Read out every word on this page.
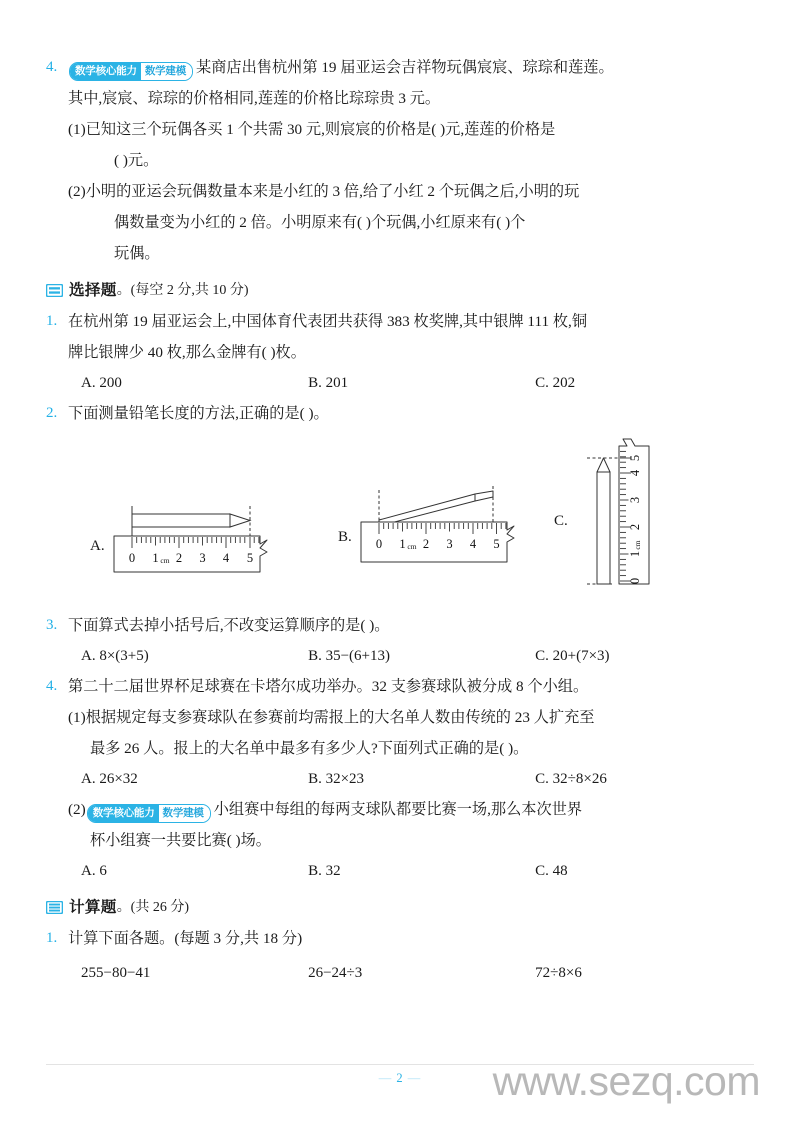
4.	数学核心能力 数学建模 某商店出售杭州第 19 届亚运会吉祥物玩偶宸宸、琮琮和莲莲。
其中,宸宸、琮琮的价格相同,莲莲的价格比琮琮贵 3 元。
(1)已知这三个玩偶各买 1 个共需 30 元,则宸宸的价格是( )元,莲莲的价格是
( )元。
(2)小明的亚运会玩偶数量本来是小红的 3 倍,给了小红 2 个玩偶之后,小明的玩
偶数量变为小红的 2 倍。小明原来有( )个玩偶,小红原来有( )个
玩偶。
选择题 。(每空 2 分,共 10 分)
1. 在杭州第 19 届亚运会上,中国体育代表团共获得 383 枚奖牌,其中银牌 111 枚,铜
牌比银牌少 40 枚,那么金牌有( )枚。
A. 200	B. 201	C. 202
2. 下面测量铅笔长度的方法,正确的是( )。
A.
0 1 2 3 4 5
cm
B. 0 1 2 3 4 5
cm
C.
0
1
2
3
4
5
cm
3. 下面算式去掉小括号后,不改变运算顺序的是( )。
A. 8×(3+5)	B. 35−(6+13)	C. 20+(7×3)
4. 第二十二届世界杯足球赛在卡塔尔成功举办。32 支参赛球队被分成 8 个小组。
(1)根据规定每支参赛球队在参赛前均需报上的大名单人数由传统的 23 人扩充至
最多 26 人。报上的大名单中最多有多少人?下面列式正确的是( )。
A. 26×32	B. 32×23	C. 32÷8×26
(2) 数学核心能力 数学建模 小组赛中每组的每两支球队都要比赛一场,那么本次世界
杯小组赛一共要比赛( )场。
A. 6	B. 32	C. 48
计算题 。(共 26 分)
1. 计算下面各题。(每题 3 分,共 18 分)
255−80−41	26−24÷3	72÷8×6
— 2 —	www.sezq.com
